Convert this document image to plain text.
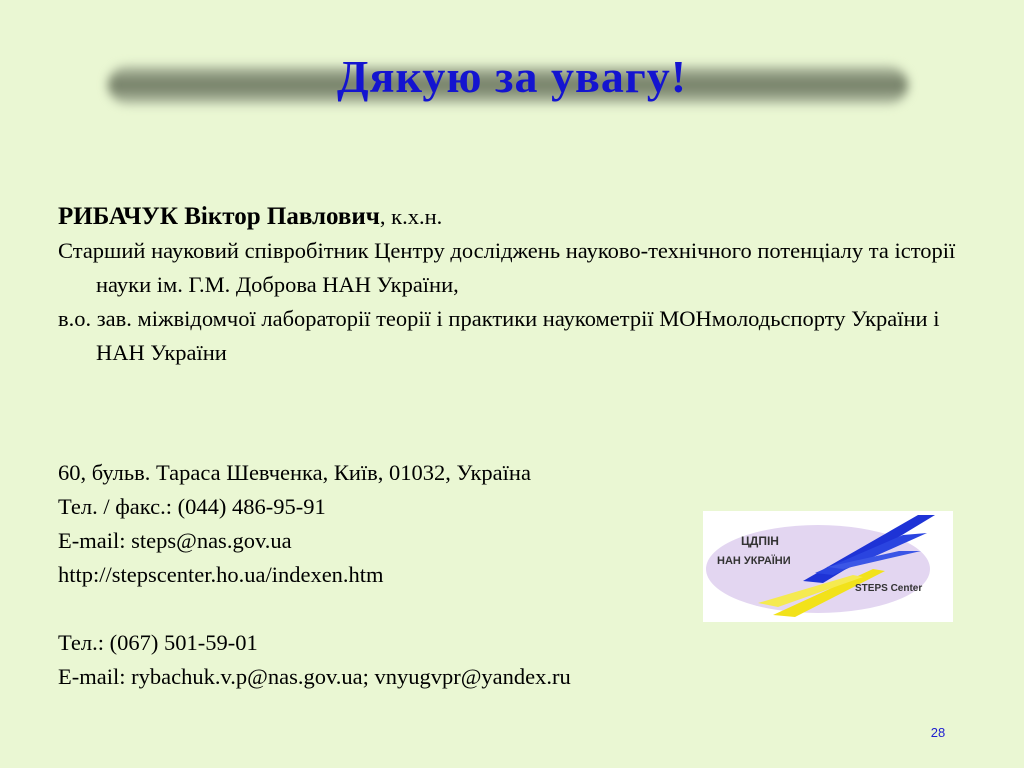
Дякую за увагу!
РИБАЧУК Віктор Павлович, к.х.н.
Старший науковий співробітник Центру досліджень науково-технічного потенціалу та історії науки ім. Г.М. Доброва НАН України,
в.о. зав. міжвідомчої лабораторії теорії і практики наукометрії МОНмолодьспорту України і НАН України
60, бульв. Тараса Шевченка, Київ, 01032, Україна
Тел. / факс.: (044) 486-95-91
E-mail: steps@nas.gov.ua
http://stepscenter.ho.ua/indexen.htm
Тел.: (067) 501-59-01
E-mail: rybachuk.v.p@nas.gov.ua; vnyugvpr@yandex.ru
ЦДПІН
НАН УКРАЇНИ
STEPS Center
28
